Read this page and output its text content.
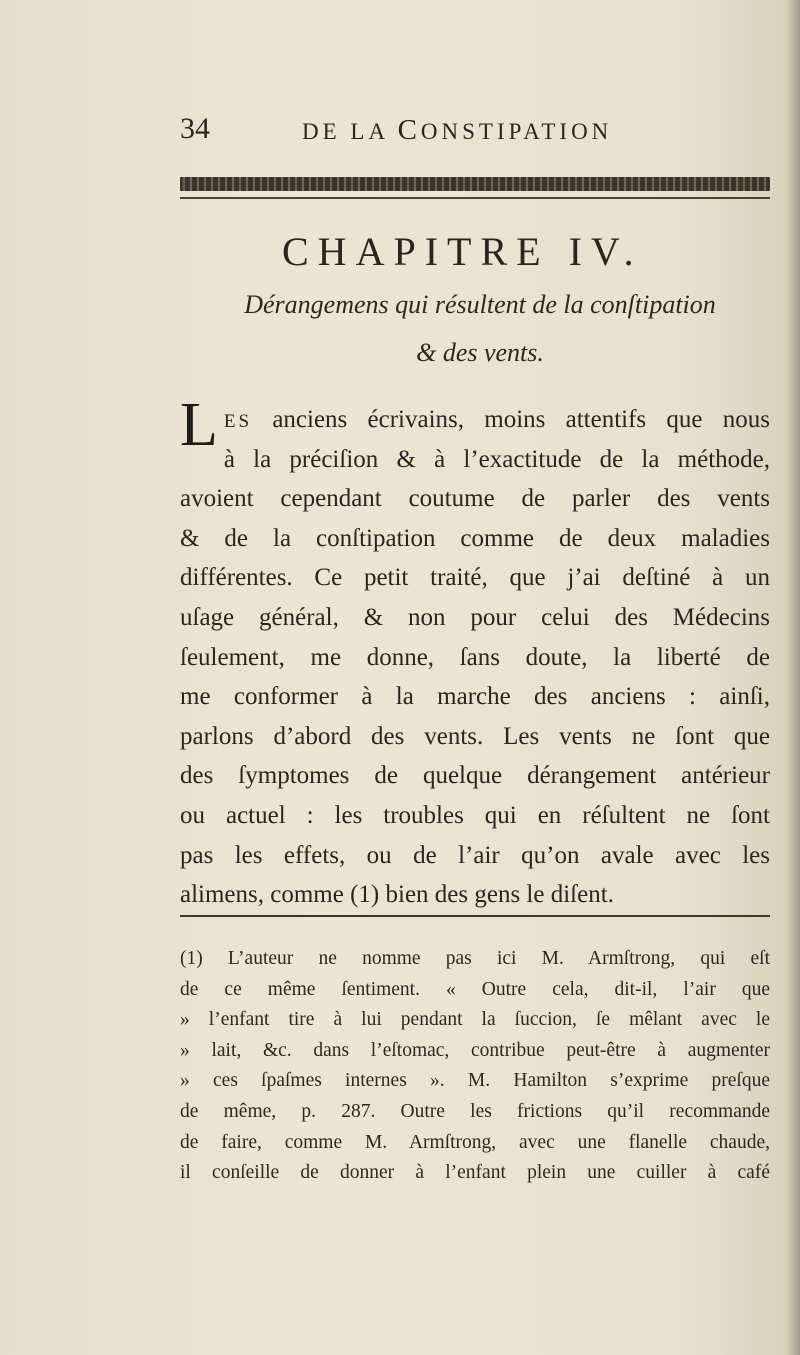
34	DE LA CONSTIPATION
CHAPITRE IV.
Dérangemens qui résultent de la conſtipation
& des vents.
L ES anciens écrivains, moins attentifs que nous
à la préciſion & à l’exactitude de la méthode,
avoient cependant coutume de parler des vents
& de la conſtipation comme de deux maladies
différentes. Ce petit traité, que j’ai deſtiné à un
uſage général, & non pour celui des Médecins
ſeulement, me donne, ſans doute, la liberté de
me conformer à la marche des anciens : ainſi,
parlons d’abord des vents. Les vents ne ſont que
des ſymptomes de quelque dérangement antérieur
ou actuel : les troubles qui en réſultent ne ſont
pas les effets, ou de l’air qu’on avale avec les
alimens, comme (1) bien des gens le diſent.
(1) L’auteur ne nomme pas ici M. Armſtrong, qui eſt
de ce même ſentiment. « Outre cela, dit-il, l’air que
» l’enfant tire à lui pendant la ſuccion, ſe mêlant avec le
» lait, &c. dans l’eſtomac, contribue peut-être à augmenter
» ces ſpaſmes internes ». M. Hamilton s’exprime preſque
de même, p. 287. Outre les frictions qu’il recommande
de faire, comme M. Armſtrong, avec une flanelle chaude,
il conſeille de donner à l’enfant plein une cuiller à café
